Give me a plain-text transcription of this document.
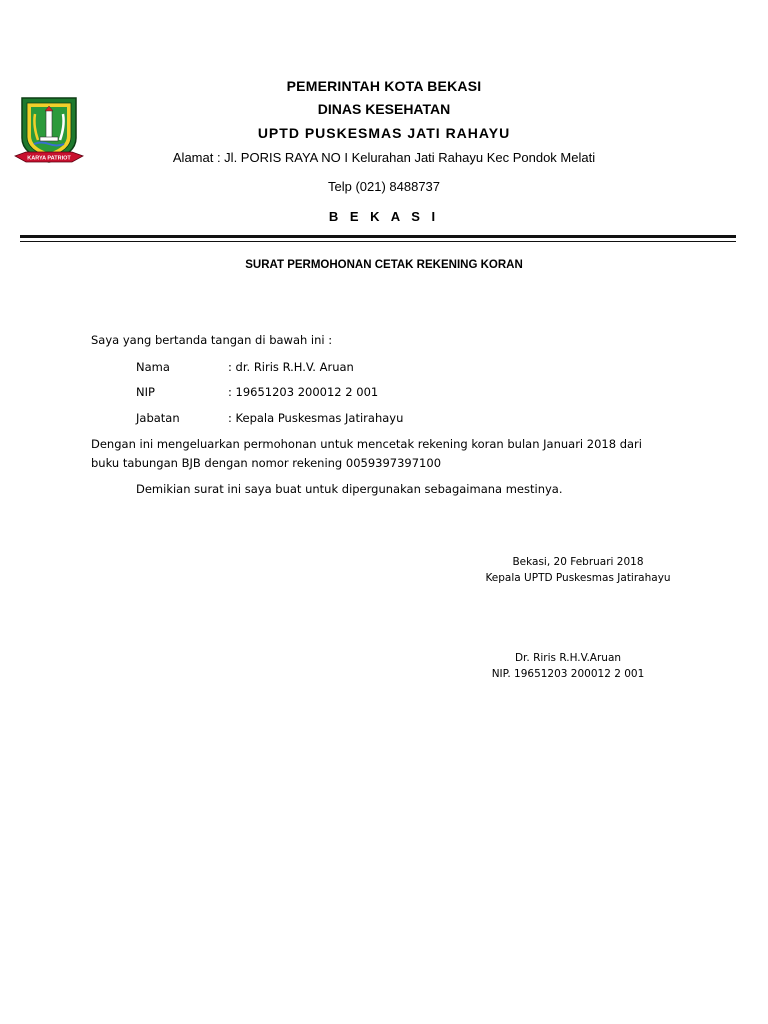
KARYA PATRIOT
PEMERINTAH KOTA BEKASI
DINAS KESEHATAN
UPTD PUSKESMAS JATI RAHAYU
Alamat : Jl. PORIS RAYA NO I Kelurahan Jati Rahayu Kec Pondok Melati
Telp (021) 8488737
B E K A S I
SURAT PERMOHONAN CETAK REKENING KORAN
Saya yang bertanda tangan di bawah ini :
Nama	: dr. Riris R.H.V. Aruan
NIP	: 19651203 200012 2 001
Jabatan	: Kepala Puskesmas Jatirahayu
Dengan ini mengeluarkan permohonan untuk mencetak rekening koran bulan Januari 2018 dari
buku tabungan BJB dengan nomor rekening 0059397397100
Demikian surat ini saya buat untuk dipergunakan sebagaimana mestinya.
Bekasi, 20 Februari 2018
Kepala UPTD Puskesmas Jatirahayu
Dr. Riris R.H.V.Aruan
NIP. 19651203 200012 2 001
